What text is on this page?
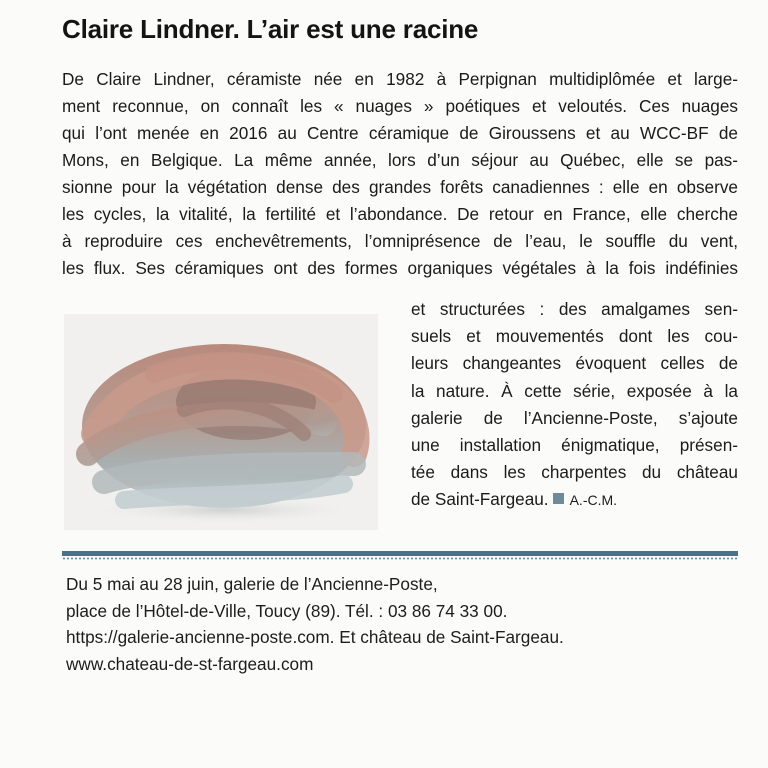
Claire Lindner. L’air est une racine
De Claire Lindner, céramiste née en 1982 à Perpignan multidiplômée et large-
ment reconnue, on connaît les « nuages » poétiques et veloutés. Ces nuages
qui l’ont menée en 2016 au Centre céramique de Giroussens et au WCC-BF de
Mons, en Belgique. La même année, lors d’un séjour au Québec, elle se pas-
sionne pour la végétation dense des grandes forêts canadiennes : elle en observe
les cycles, la vitalité, la fertilité et l’abondance. De retour en France, elle cherche
à reproduire ces enchevêtrements, l’omniprésence de l’eau, le souffle du vent,
les flux. Ses céramiques ont des formes organiques végétales à la fois indéfinies
et structurées : des amalgames sen-
suels et mouvementés dont les cou-
leurs changeantes évoquent celles de
la nature. À cette série, exposée à la
galerie de l’Ancienne-Poste, s’ajoute
une installation énigmatique, présen-
tée dans les charpentes du château
de Saint-Fargeau. A.-C.M.
Du 5 mai au 28 juin, galerie de l’Ancienne-Poste,
place de l’Hôtel-de-Ville, Toucy (89). Tél. : 03 86 74 33 00.
https://galerie-ancienne-poste.com. Et château de Saint-Fargeau.
www.chateau-de-st-fargeau.com
